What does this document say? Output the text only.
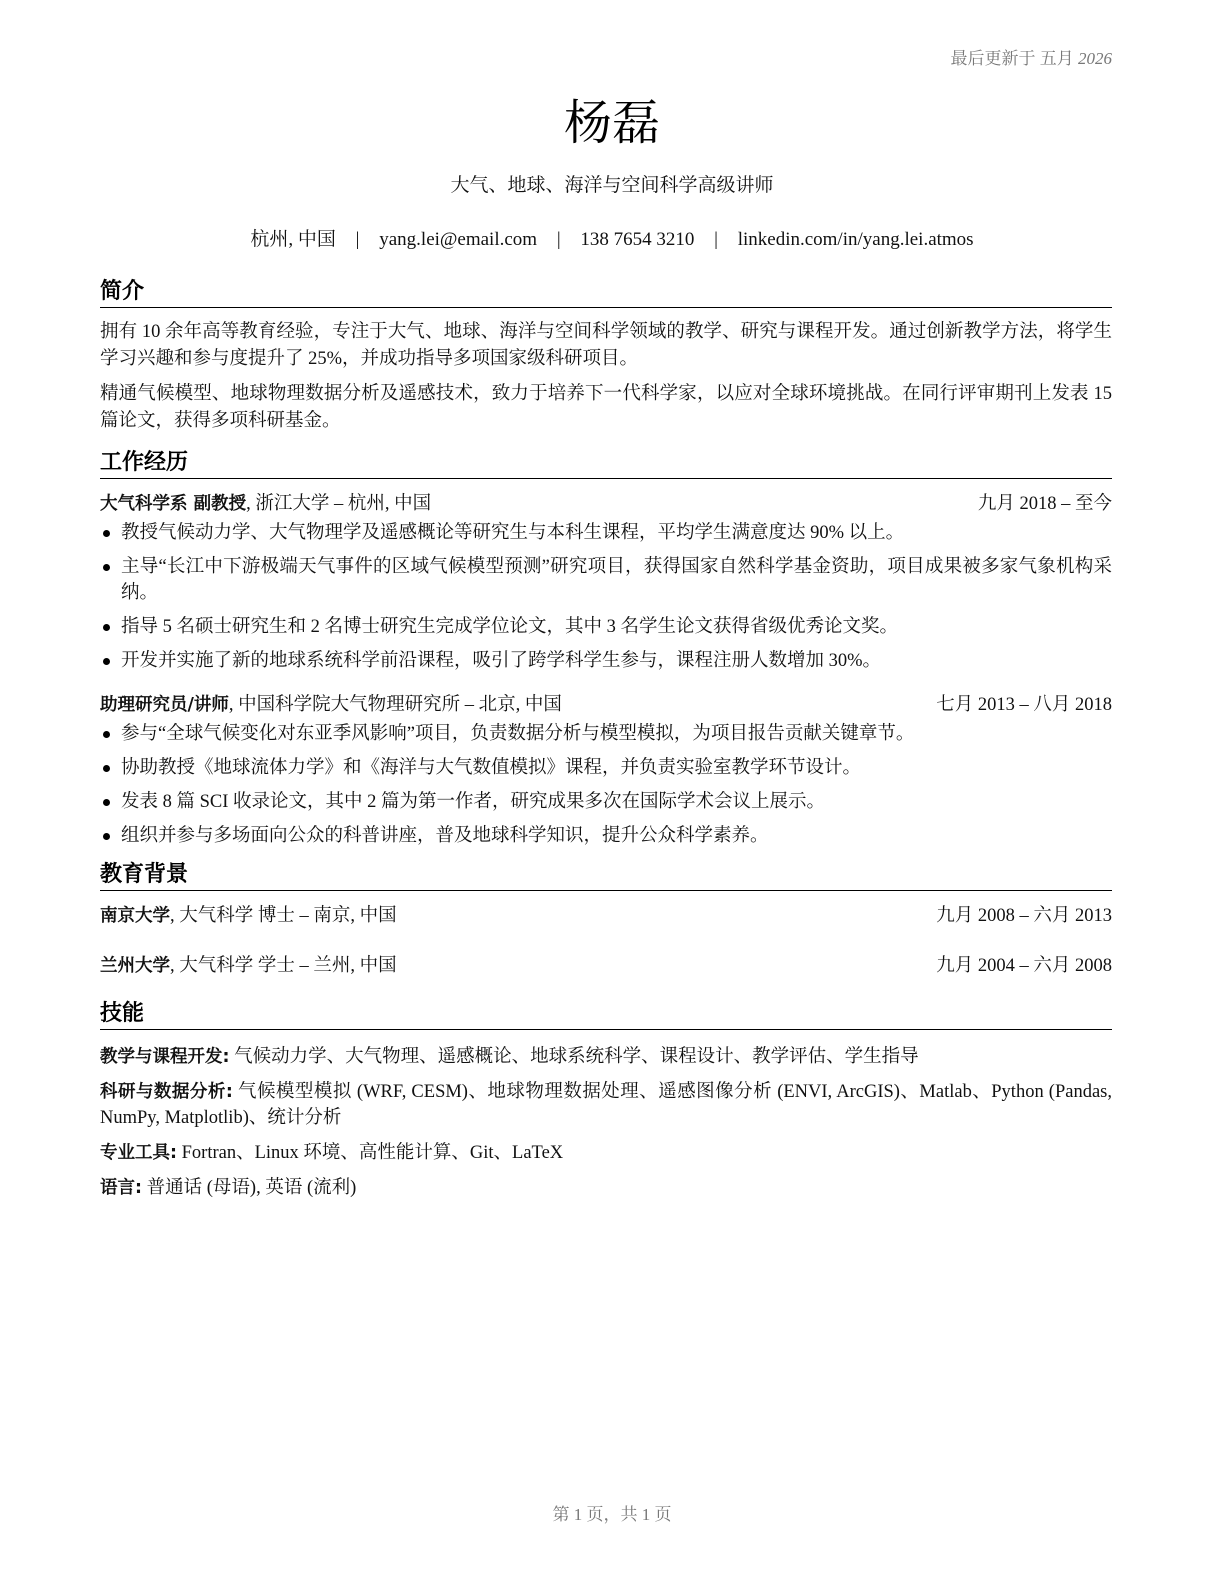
最后更新于 五月 2026
杨磊
大气、地球、海洋与空间科学高级讲师
杭州, 中国 | yang.lei@email.com | 138 7654 3210 | linkedin.com/in/yang.lei.atmos
简介

拥有 10 余年高等教育经验，专注于大气、地球、海洋与空间科学领域的教学、研究与课程开发。通过创新教学方法，将学生学习兴趣和参与度提升了 25%，并成功指导多项国家级科研项目。

精通气候模型、地球物理数据分析及遥感技术，致力于培养下一代科学家，以应对全球环境挑战。在同行评审期刊上发表 15 篇论文，获得多项科研基金。

工作经历
大气科学系 副教授, 浙江大学 – 杭州, 中国	九月 2018 – 至今
教授气候动力学、大气物理学及遥感概论等研究生与本科生课程，平均学生满意度达 90% 以上。
主导“长江中下游极端天气事件的区域气候模型预测”研究项目，获得国家自然科学基金资助，项目成果被多家气象机构采纳。
指导 5 名硕士研究生和 2 名博士研究生完成学位论文，其中 3 名学生论文获得省级优秀论文奖。
开发并实施了新的地球系统科学前沿课程，吸引了跨学科学生参与，课程注册人数增加 30%。
助理研究员/讲师, 中国科学院大气物理研究所 – 北京, 中国	七月 2013 – 八月 2018
参与“全球气候变化对东亚季风影响”项目，负责数据分析与模型模拟，为项目报告贡献关键章节。
协助教授《地球流体力学》和《海洋与大气数值模拟》课程，并负责实验室教学环节设计。
发表 8 篇 SCI 收录论文，其中 2 篇为第一作者，研究成果多次在国际学术会议上展示。
组织并参与多场面向公众的科普讲座，普及地球科学知识，提升公众科学素养。
教育背景
南京大学, 大气科学 博士 – 南京, 中国	九月 2008 – 六月 2013
兰州大学, 大气科学 学士 – 兰州, 中国	九月 2004 – 六月 2008
技能
教学与课程开发: 气候动力学、大气物理、遥感概论、地球系统科学、课程设计、教学评估、学生指导
科研与数据分析: 气候模型模拟 (WRF, CESM)、地球物理数据处理、遥感图像分析 (ENVI, ArcGIS)、Matlab、Python (Pandas, NumPy, Matplotlib)、统计分析
专业工具: Fortran、Linux 环境、高性能计算、Git、LaTeX
语言: 普通话 (母语), 英语 (流利)
第 1 页，共 1 页
